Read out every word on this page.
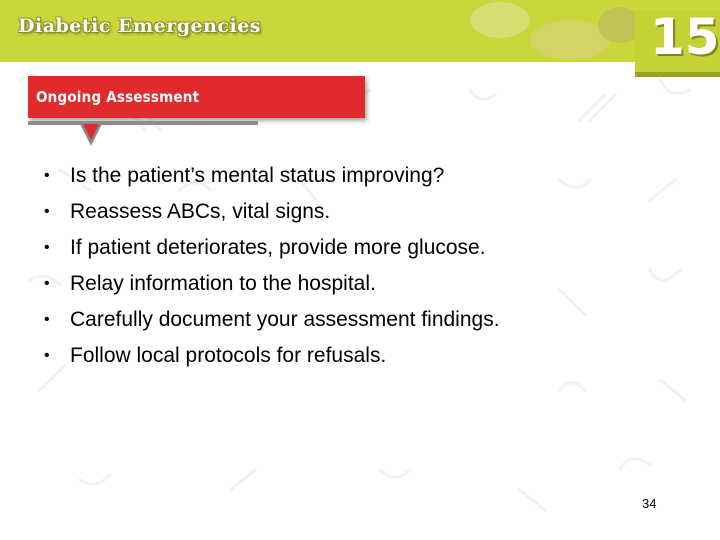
Diabetic Emergencies	15
Ongoing Assessment
• Is the patient’s mental status improving?
• Reassess ABCs, vital signs.
• If patient deteriorates, provide more glucose.
• Relay information to the hospital.
• Carefully document your assessment findings.
• Follow local protocols for refusals.
34
